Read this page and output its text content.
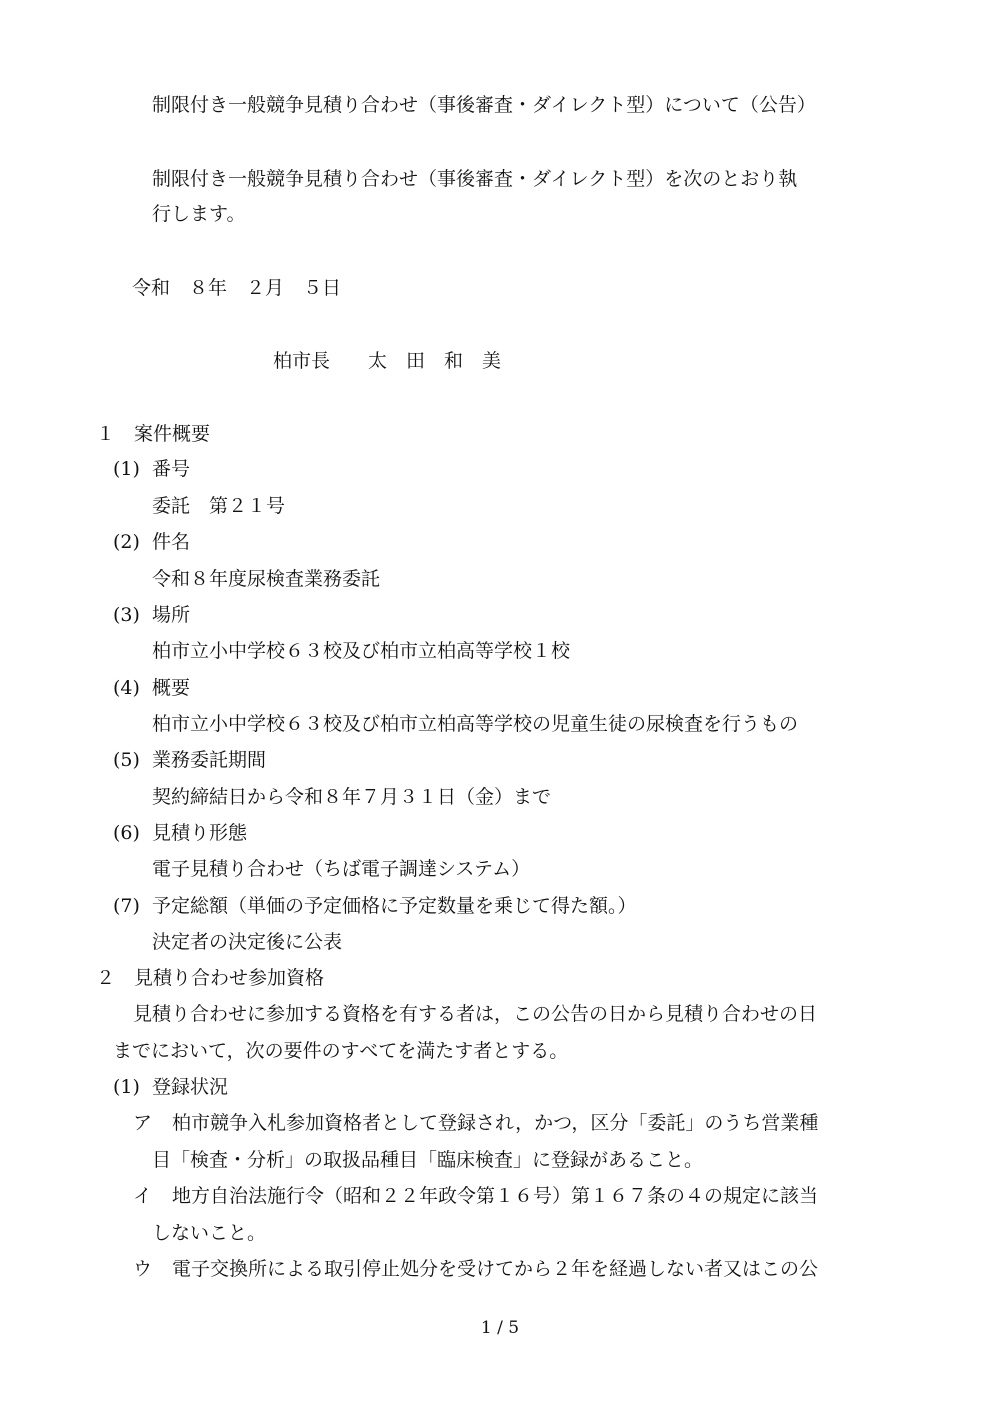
制限付き一般競争見積り合わせ（事後審査・ダイレクト型）について（公告）
制限付き一般競争見積り合わせ（事後審査・ダイレクト型）を次のとおり執
行します。
令和　８年　２月　５日
柏市長　　太　田　和　美
１　案件概要
(1) 番号
委託　第２１号
(2) 件名
令和８年度尿検査業務委託
(3) 場所
柏市立小中学校６３校及び柏市立柏高等学校１校
(4) 概要
柏市立小中学校６３校及び柏市立柏高等学校の児童生徒の尿検査を行うもの
(5) 業務委託期間
契約締結日から令和８年７月３１日（金）まで
(6) 見積り形態
電子見積り合わせ（ちば電子調達システム）
(7) 予定総額（単価の予定価格に予定数量を乗じて得た額。）
決定者の決定後に公表
２　見積り合わせ参加資格
見積り合わせに参加する資格を有する者は，この公告の日から見積り合わせの日
までにおいて，次の要件のすべてを満たす者とする。
(1) 登録状況
ア 柏市競争入札参加資格者として登録され，かつ，区分「委託」のうち営業種
目「検査・分析」の取扱品種目「臨床検査」に登録があること。
イ 地方自治法施行令（昭和２２年政令第１６号）第１６７条の４の規定に該当
しないこと。
ウ 電子交換所による取引停止処分を受けてから２年を経過しない者又はこの公
1 / 5
